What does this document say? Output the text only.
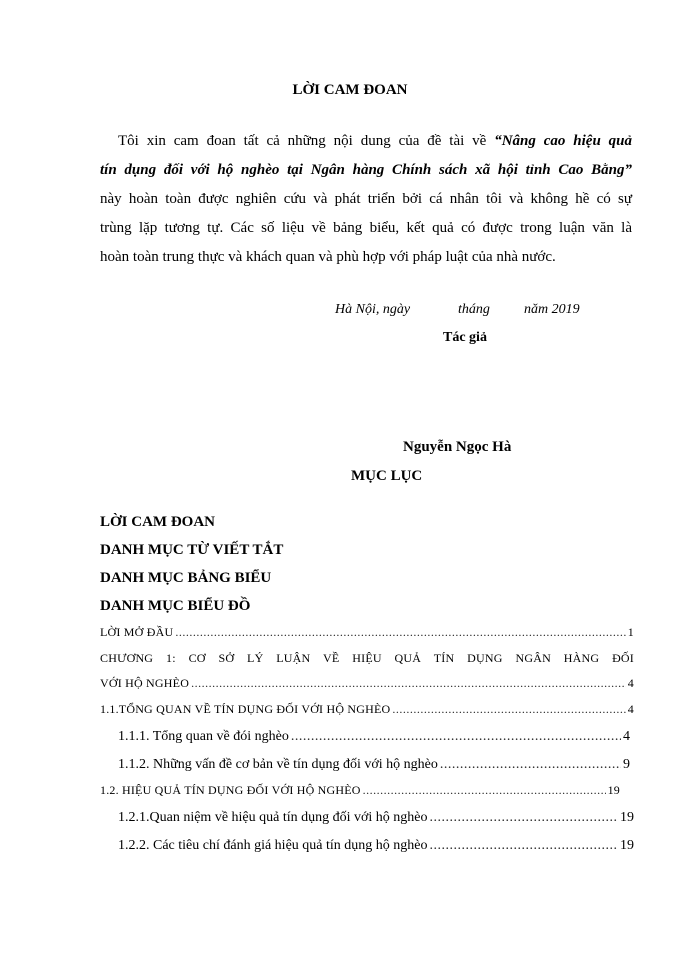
LỜI CAM ĐOAN
Tôi xin cam đoan tất cả những nội dung của đề tài về “Nâng cao hiệu quả
tín dụng đối với hộ nghèo tại Ngân hàng Chính sách xã hội tỉnh Cao Bằng”
này hoàn toàn được nghiên cứu và phát triển bởi cá nhân tôi và không hề có sự
trùng lặp tương tự. Các số liệu về bảng biểu, kết quả có được trong luận văn là
hoàn toàn trung thực và khách quan và phù hợp với pháp luật của nhà nước.
Hà Nội, ngày	tháng năm 2019
Tác giả
Nguyễn Ngọc Hà
MỤC LỤC
LỜI CAM ĐOAN
DANH MỤC TỪ VIẾT TẮT
DANH MỤC BẢNG BIỂU
DANH MỤC BIỂU ĐỒ
LỜI MỞ ĐẦU .....	1
CHƯƠNG 1: CƠ SỞ LÝ LUẬN VỀ HIỆU QUẢ TÍN DỤNG NGÂN HÀNG ĐỐI
VỚI HỘ NGHÈO .....	4
1.1.TỔNG QUAN VỀ TÍN DỤNG ĐỐI VỚI HỘ NGHÈO .....	4
1.1.1. Tổng quan về đói nghèo .....	4
1.1.2. Những vấn đề cơ bản về tín dụng đối với hộ nghèo .....	9
1.2. HIỆU QUẢ TÍN DỤNG ĐỐI VỚI HỘ NGHÈO .....	19
1.2.1.Quan niệm về hiệu quả tín dụng đối với hộ nghèo .....	19
1.2.2. Các tiêu chí đánh giá hiệu quả tín dụng hộ nghèo .....	19
